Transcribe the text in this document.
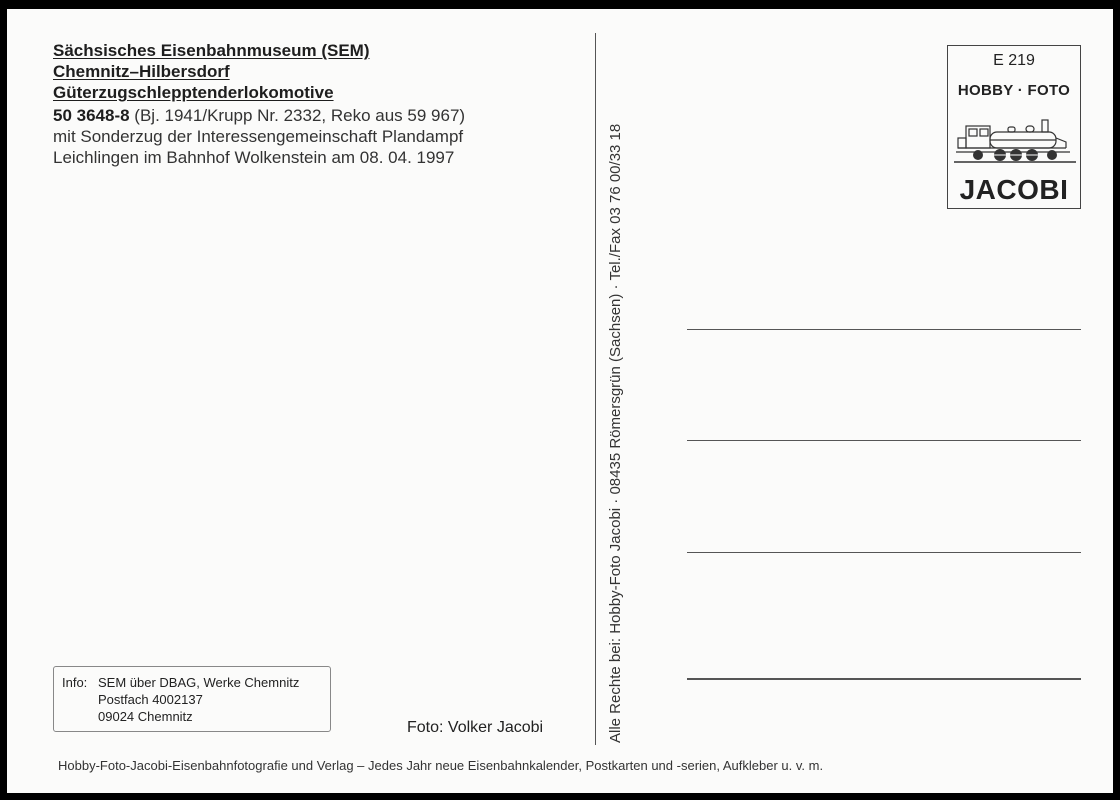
Sächsisches Eisenbahnmuseum (SEM)
Chemnitz–Hilbersdorf
Güterzugschlepptenderlokomotive
50 3648-8 (Bj. 1941/Krupp Nr. 2332, Reko aus 59 967)
mit Sonderzug der Interessengemeinschaft Plandampf
Leichlingen im Bahnhof Wolkenstein am 08. 04. 1997
Info: SEM über DBAG, Werke Chemnitz
Postfach 4002137
09024 Chemnitz
Foto: Volker Jacobi	Alle Rechte bei: Hobby-Foto Jacobi · 08435 Römersgrün (Sachsen) · Tel./Fax 03 76 00/33 18
E 219
HOBBY · FOTO
JACOBI
Hobby-Foto-Jacobi-Eisenbahnfotografie und Verlag – Jedes Jahr neue Eisenbahnkalender, Postkarten und -serien, Aufkleber u. v. m.
